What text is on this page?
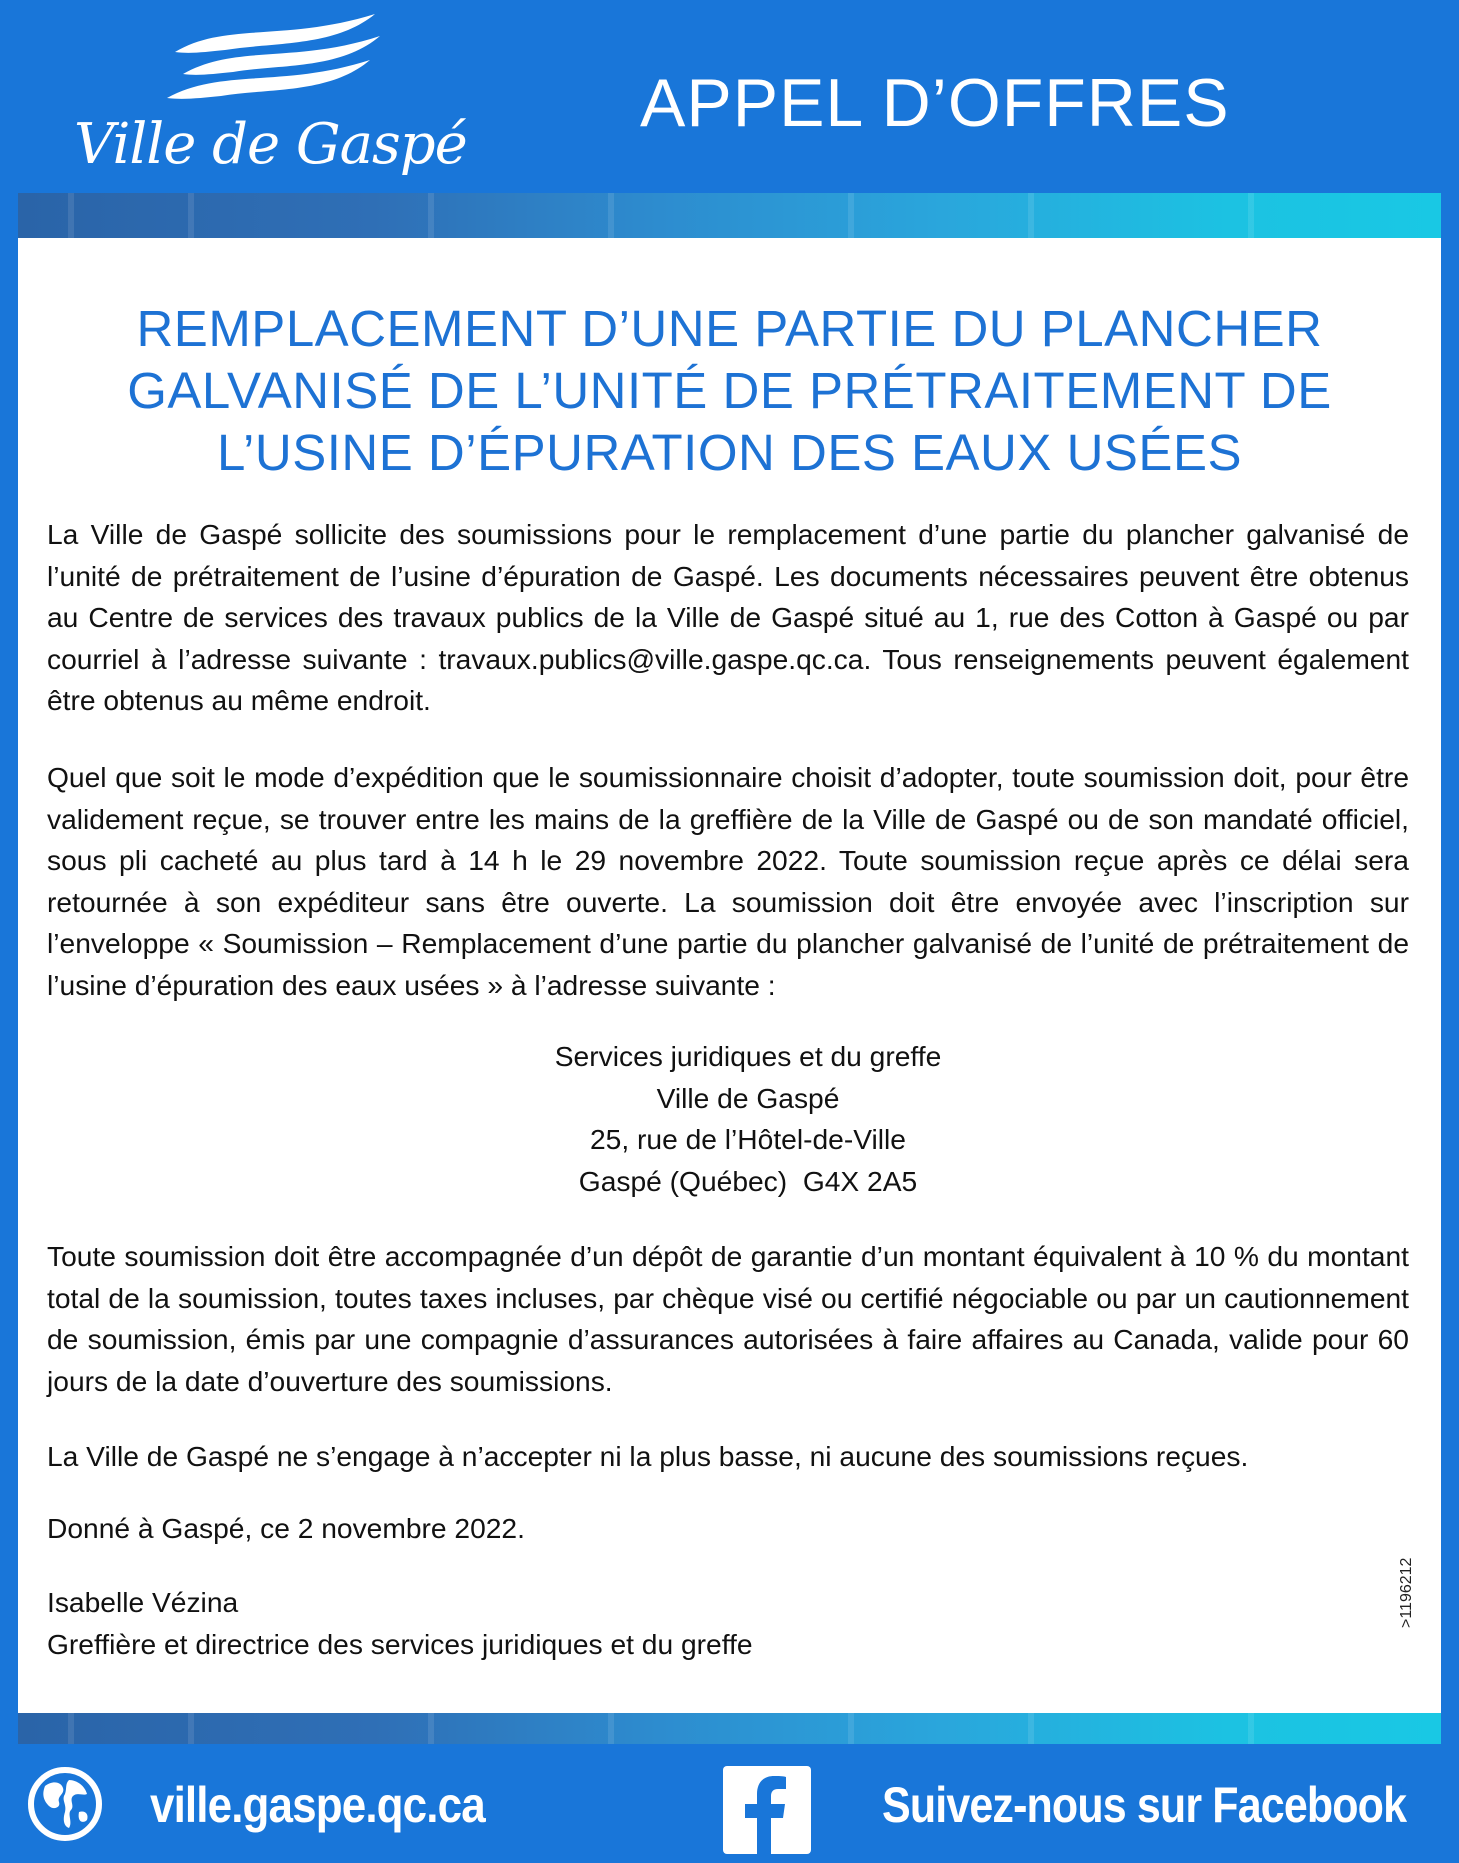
Ville de Gaspé
APPEL D’OFFRES
REMPLACEMENT D’UNE PARTIE DU PLANCHER
GALVANISÉ DE L’UNITÉ DE PRÉTRAITEMENT DE
L’USINE D’ÉPURATION DES EAUX USÉES

La Ville de Gaspé sollicite des soumissions pour le remplacement d’une partie du plancher galvanisé de l’unité de prétraitement de l’usine d’épuration de Gaspé. Les documents nécessaires peuvent être obtenus au Centre de services des travaux publics de la Ville de Gaspé situé au 1, rue des Cotton à Gaspé ou par courriel à l’adresse suivante : travaux.publics@ville.gaspe.qc.ca. Tous renseignements peuvent également être obtenus au même endroit.

Quel que soit le mode d’expédition que le soumissionnaire choisit d’adopter, toute soumission doit, pour être validement reçue, se trouver entre les mains de la greffière de la Ville de Gaspé ou de son mandaté officiel, sous pli cacheté au plus tard à 14 h le 29 novembre 2022. Toute soumission reçue après ce délai sera retournée à son expéditeur sans être ouverte. La soumission doit être envoyée avec l’inscription sur l’enveloppe « Soumission – Remplacement d’une partie du plancher galvanisé de l’unité de prétraitement de l’usine d’épuration des eaux usées » à l’adresse suivante :

Services juridiques et du greffe
Ville de Gaspé
25, rue de l’Hôtel-de-Ville
Gaspé (Québec)  G4X 2A5

Toute soumission doit être accompagnée d’un dépôt de garantie d’un montant équivalent à 10 % du montant total de la soumission, toutes taxes incluses, par chèque visé ou certifié négociable ou par un cautionnement de soumission, émis par une compagnie d’assurances autorisées à faire affaires au Canada, valide pour 60 jours de la date d’ouverture des soumissions.

La Ville de Gaspé ne s’engage à n’accepter ni la plus basse, ni aucune des soumissions reçues.

Donné à Gaspé, ce 2 novembre 2022.

Isabelle Vézina
Greffière et directrice des services juridiques et du greffe
>1196212
ville.gaspe.qc.ca	Suivez-nous sur Facebook
